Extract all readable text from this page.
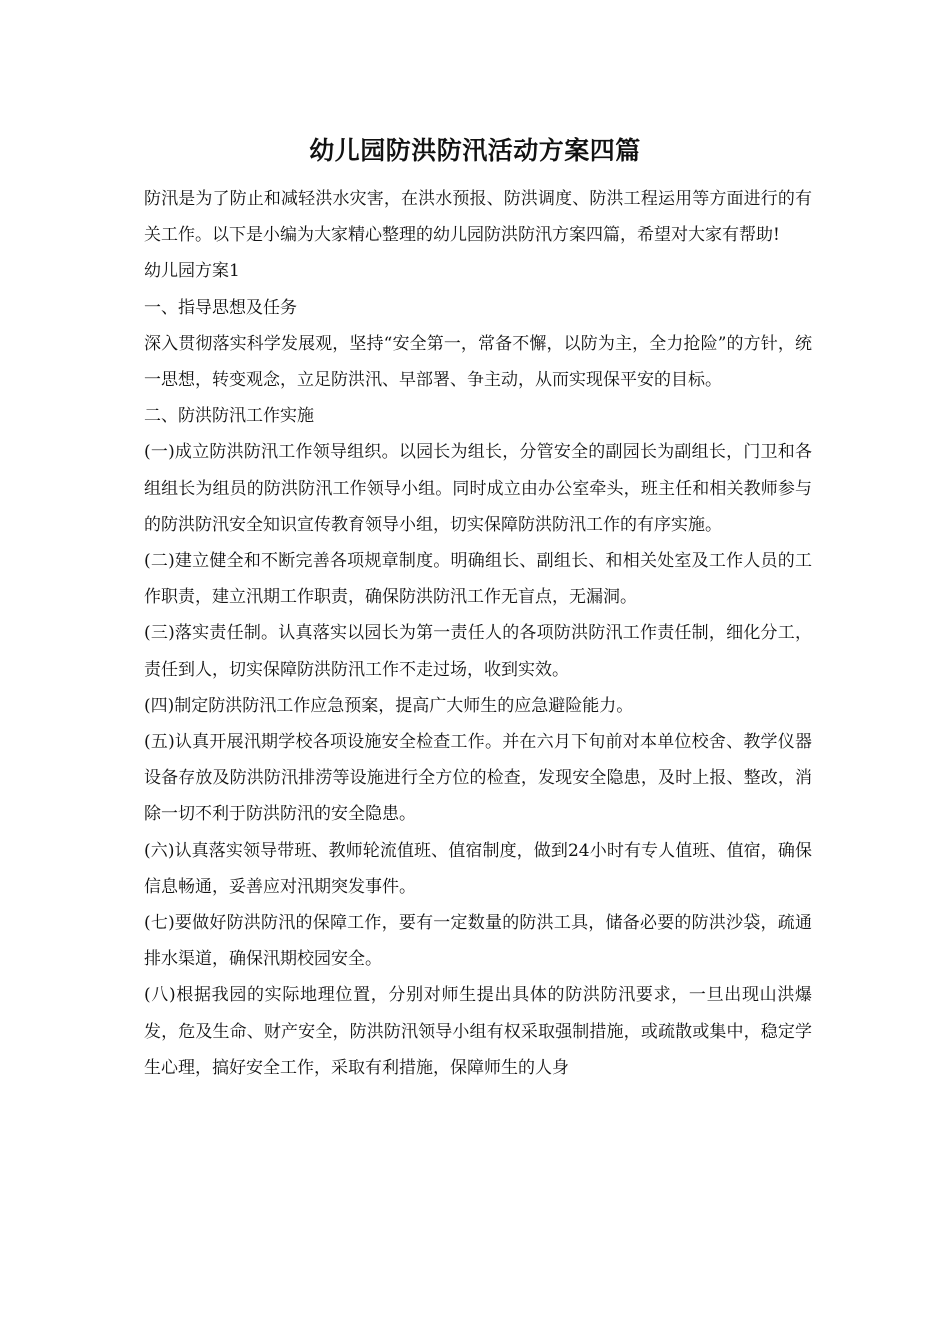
幼儿园防洪防汛活动方案四篇

防汛是为了防止和减轻洪水灾害，在洪水预报、防洪调度、防洪工程运用等方面进行的有关工作。以下是小编为大家精心整理的幼儿园防洪防汛方案四篇，希望对大家有帮助!

幼儿园方案1

一、指导思想及任务

深入贯彻落实科学发展观，坚持“安全第一，常备不懈，以防为主，全力抢险”的方针，统一思想，转变观念，立足防洪汛、早部署、争主动，从而实现保平安的目标。

二、防洪防汛工作实施

(一)成立防洪防汛工作领导组织。以园长为组长，分管安全的副园长为副组长，门卫和各组组长为组员的防洪防汛工作领导小组。同时成立由办公室牵头，班主任和相关教师参与的防洪防汛安全知识宣传教育领导小组，切实保障防洪防汛工作的有序实施。

(二)建立健全和不断完善各项规章制度。明确组长、副组长、和相关处室及工作人员的工作职责，建立汛期工作职责，确保防洪防汛工作无盲点，无漏洞。

(三)落实责任制。认真落实以园长为第一责任人的各项防洪防汛工作责任制，细化分工，责任到人，切实保障防洪防汛工作不走过场，收到实效。

(四)制定防洪防汛工作应急预案，提高广大师生的应急避险能力。

(五)认真开展汛期学校各项设施安全检查工作。并在六月下旬前对本单位校舍、教学仪器设备存放及防洪防汛排涝等设施进行全方位的检查，发现安全隐患，及时上报、整改，消除一切不利于防洪防汛的安全隐患。

(六)认真落实领导带班、教师轮流值班、值宿制度，做到24小时有专人值班、值宿，确保信息畅通，妥善应对汛期突发事件。

(七)要做好防洪防汛的保障工作，要有一定数量的防洪工具，储备必要的防洪沙袋，疏通排水渠道，确保汛期校园安全。

(八)根据我园的实际地理位置，分别对师生提出具体的防洪防汛要求，一旦出现山洪爆发，危及生命、财产安全，防洪防汛领导小组有权采取强制措施，或疏散或集中，稳定学生心理，搞好安全工作，采取有利措施，保障师生的人身
